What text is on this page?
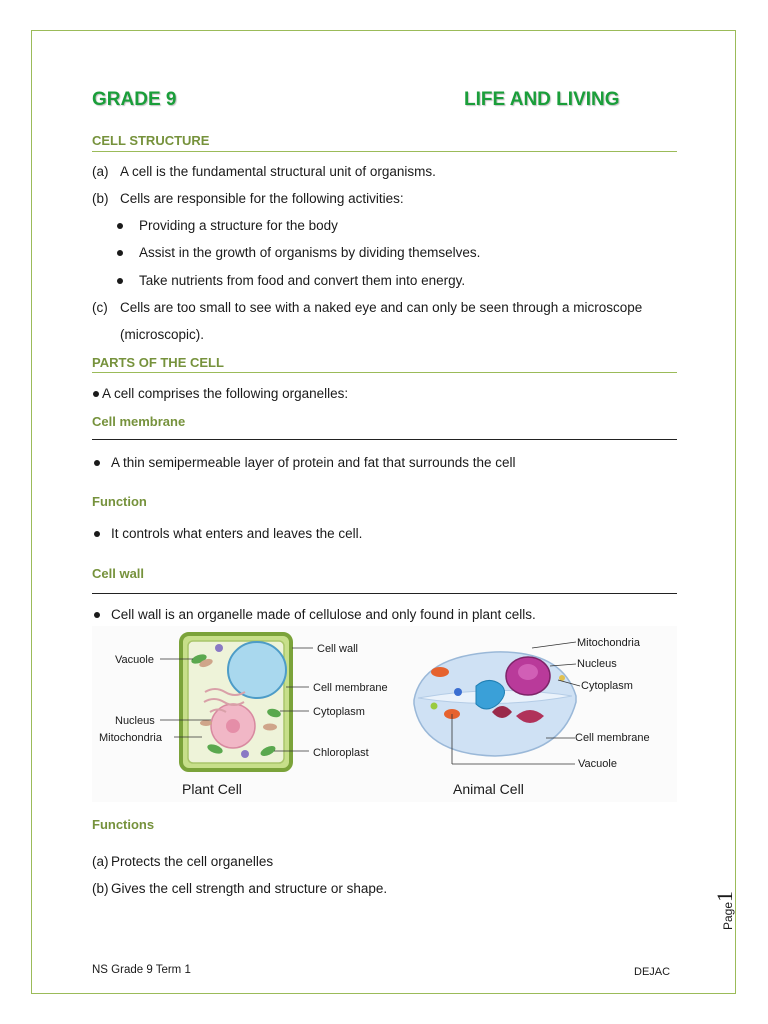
GRADE 9	LIFE AND LIVING
CELL STRUCTURE
(a) A cell is the fundamental structural unit of organisms.
(b) Cells are responsible for the following activities:
Providing a structure for the body
Assist in the growth of organisms by dividing themselves.
Take nutrients from food and convert them into energy.
(c) Cells are too small to see with a naked eye and can only be seen through a microscope
(microscopic).
PARTS OF THE CELL
A cell comprises the following organelles:
Cell membrane
A thin semipermeable layer of protein and fat that surrounds the cell
Function
It controls what enters and leaves the cell.
Cell wall
Cell wall is an organelle made of cellulose and only found in plant cells.
Vacuole
Nucleus
Mitochondria
Cell wall
Cell membrane
Cytoplasm
Chloroplast
Plant Cell
Mitochondria
Nucleus
Cytoplasm
Cell membrane
Vacuole
Animal Cell
Functions
(a) Protects the cell organelles
(b) Gives the cell strength and structure or shape.
Page1
NS Grade 9 Term 1	DEJAC
